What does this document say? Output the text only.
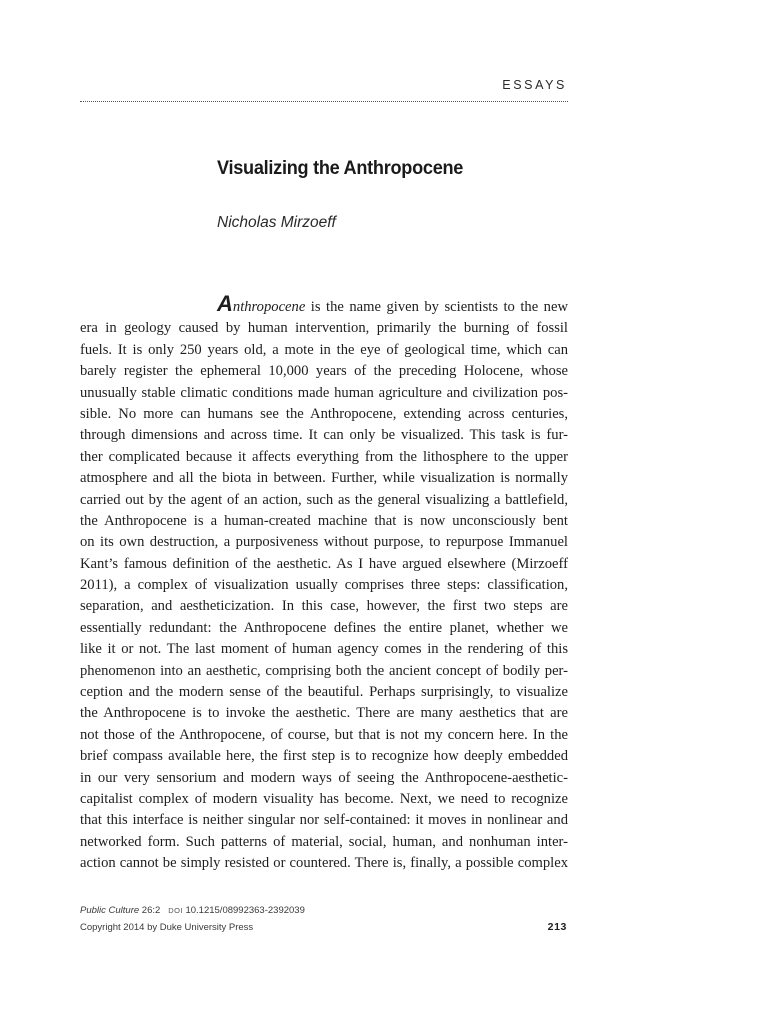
ESSAYS
Visualizing the Anthropocene
Nicholas Mirzoeff
Anthropocene is the name given by scientists to the new
era in geology caused by human intervention, primarily the burning of fossil
fuels. It is only 250 years old, a mote in the eye of geological time, which can
barely register the ephemeral 10,000 years of the preceding Holocene, whose
unusually stable climatic conditions made human agriculture and civilization pos-
sible. No more can humans see the Anthropocene, extending across centuries,
through dimensions and across time. It can only be visualized. This task is fur-
ther complicated because it affects everything from the lithosphere to the upper
atmosphere and all the biota in between. Further, while visualization is normally
carried out by the agent of an action, such as the general visualizing a battlefield,
the Anthropocene is a human-created machine that is now unconsciously bent
on its own destruction, a purposiveness without purpose, to repurpose Immanuel
Kant’s famous definition of the aesthetic. As I have argued elsewhere (Mirzoeff
2011), a complex of visualization usually comprises three steps: classification,
separation, and aestheticization. In this case, however, the first two steps are
essentially redundant: the Anthropocene defines the entire planet, whether we
like it or not. The last moment of human agency comes in the rendering of this
phenomenon into an aesthetic, comprising both the ancient concept of bodily per-
ception and the modern sense of the beautiful. Perhaps surprisingly, to visualize
the Anthropocene is to invoke the aesthetic. There are many aesthetics that are
not those of the Anthropocene, of course, but that is not my concern here. In the
brief compass available here, the first step is to recognize how deeply embedded
in our very sensorium and modern ways of seeing the Anthropocene-aesthetic-
capitalist complex of modern visuality has become. Next, we need to recognize
that this interface is neither singular nor self-contained: it moves in nonlinear and
networked form. Such patterns of material, social, human, and nonhuman inter-
action cannot be simply resisted or countered. There is, finally, a possible complex
Public Culture 26:2 DOI 10.1215/08992363-2392039
Copyright 2014 by Duke University Press	213
